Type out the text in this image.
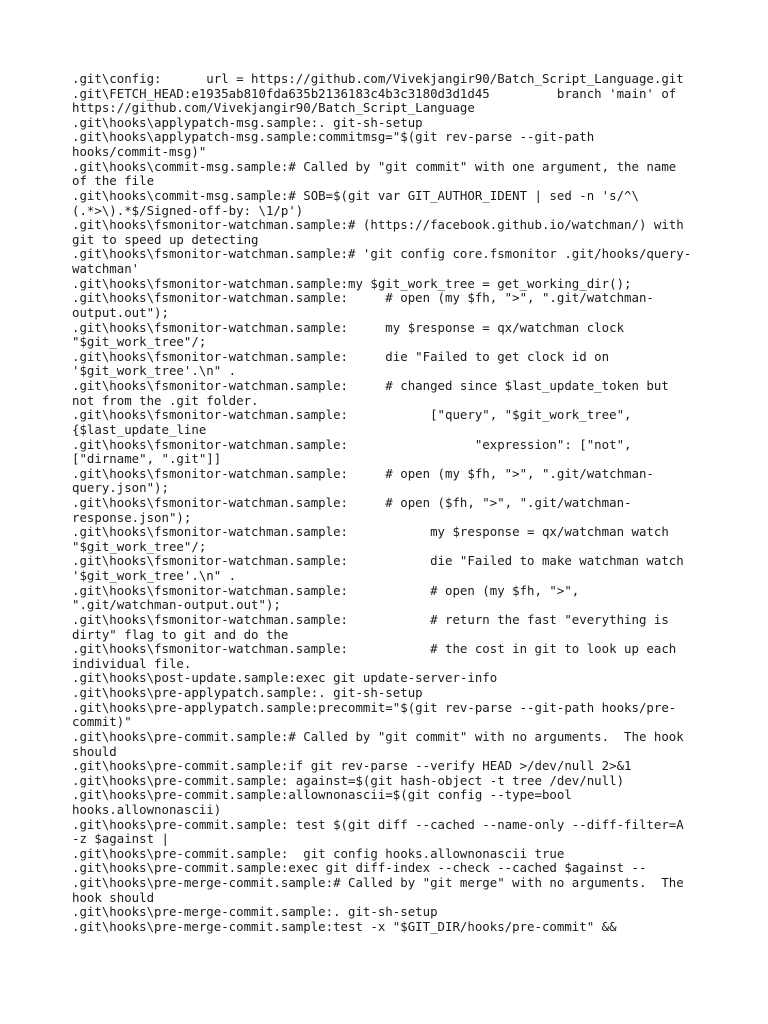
.git\config:      url = https://github.com/Vivekjangir90/Batch_Script_Language.git
.git\FETCH_HEAD:e1935ab810fda635b2136183c4b3c3180d3d1d45         branch 'main' of
https://github.com/Vivekjangir90/Batch_Script_Language
.git\hooks\applypatch-msg.sample:. git-sh-setup
.git\hooks\applypatch-msg.sample:commitmsg="$(git rev-parse --git-path
hooks/commit-msg)"
.git\hooks\commit-msg.sample:# Called by "git commit" with one argument, the name
of the file
.git\hooks\commit-msg.sample:# SOB=$(git var GIT_AUTHOR_IDENT | sed -n 's/^\
(.*>\).*$/Signed-off-by: \1/p')
.git\hooks\fsmonitor-watchman.sample:# (https://facebook.github.io/watchman/) with
git to speed up detecting
.git\hooks\fsmonitor-watchman.sample:# 'git config core.fsmonitor .git/hooks/query-
watchman'
.git\hooks\fsmonitor-watchman.sample:my $git_work_tree = get_working_dir();
.git\hooks\fsmonitor-watchman.sample:     # open (my $fh, ">", ".git/watchman-
output.out");
.git\hooks\fsmonitor-watchman.sample:     my $response = qx/watchman clock
"$git_work_tree"/;
.git\hooks\fsmonitor-watchman.sample:     die "Failed to get clock id on
'$git_work_tree'.\n" .
.git\hooks\fsmonitor-watchman.sample:     # changed since $last_update_token but
not from the .git folder.
.git\hooks\fsmonitor-watchman.sample:           ["query", "$git_work_tree",
{$last_update_line
.git\hooks\fsmonitor-watchman.sample:                 "expression": ["not",
["dirname", ".git"]]
.git\hooks\fsmonitor-watchman.sample:     # open (my $fh, ">", ".git/watchman-
query.json");
.git\hooks\fsmonitor-watchman.sample:     # open ($fh, ">", ".git/watchman-
response.json");
.git\hooks\fsmonitor-watchman.sample:           my $response = qx/watchman watch
"$git_work_tree"/;
.git\hooks\fsmonitor-watchman.sample:           die "Failed to make watchman watch
'$git_work_tree'.\n" .
.git\hooks\fsmonitor-watchman.sample:           # open (my $fh, ">",
".git/watchman-output.out");
.git\hooks\fsmonitor-watchman.sample:           # return the fast "everything is
dirty" flag to git and do the
.git\hooks\fsmonitor-watchman.sample:           # the cost in git to look up each
individual file.
.git\hooks\post-update.sample:exec git update-server-info
.git\hooks\pre-applypatch.sample:. git-sh-setup
.git\hooks\pre-applypatch.sample:precommit="$(git rev-parse --git-path hooks/pre-
commit)"
.git\hooks\pre-commit.sample:# Called by "git commit" with no arguments.  The hook
should
.git\hooks\pre-commit.sample:if git rev-parse --verify HEAD >/dev/null 2>&1
.git\hooks\pre-commit.sample: against=$(git hash-object -t tree /dev/null)
.git\hooks\pre-commit.sample:allownonascii=$(git config --type=bool
hooks.allownonascii)
.git\hooks\pre-commit.sample: test $(git diff --cached --name-only --diff-filter=A
-z $against |
.git\hooks\pre-commit.sample:  git config hooks.allownonascii true
.git\hooks\pre-commit.sample:exec git diff-index --check --cached $against --
.git\hooks\pre-merge-commit.sample:# Called by "git merge" with no arguments.  The
hook should
.git\hooks\pre-merge-commit.sample:. git-sh-setup
.git\hooks\pre-merge-commit.sample:test -x "$GIT_DIR/hooks/pre-commit" &&
